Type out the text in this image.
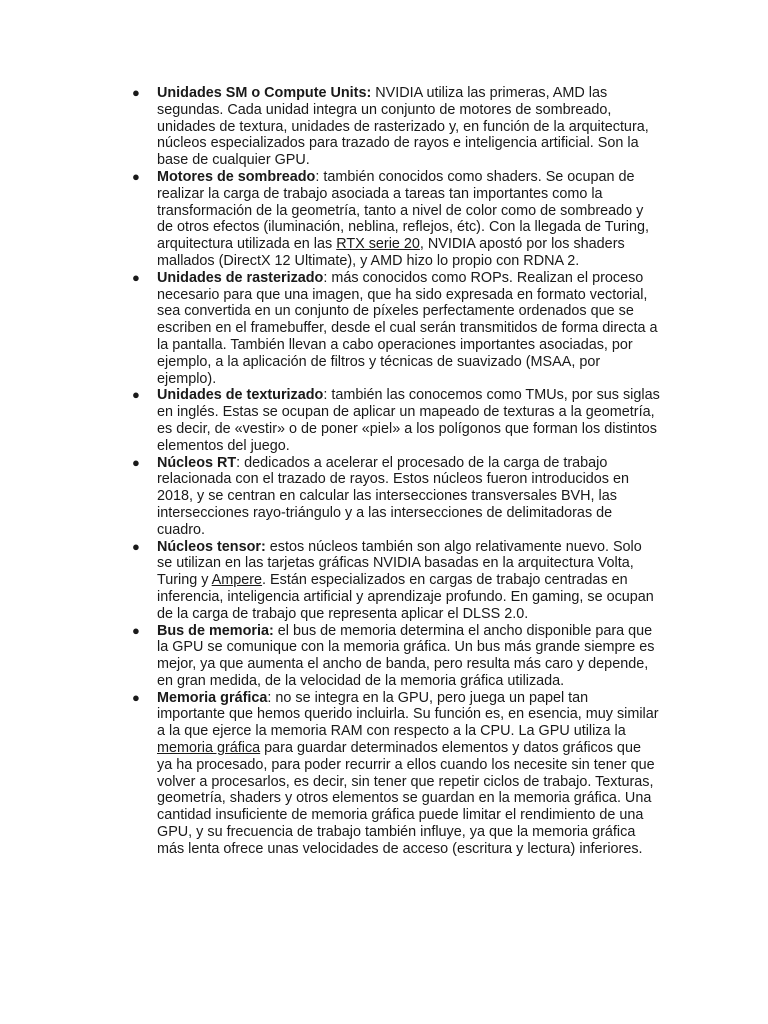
● Unidades SM o Compute Units: NVIDIA utiliza las primeras, AMD las segundas. Cada unidad integra un conjunto de motores de sombreado, unidades de textura, unidades de rasterizado y, en función de la arquitectura, núcleos especializados para trazado de rayos e inteligencia artificial. Son la base de cualquier GPU.
● Motores de sombreado: también conocidos como shaders. Se ocupan de realizar la carga de trabajo asociada a tareas tan importantes como la transformación de la geometría, tanto a nivel de color como de sombreado y de otros efectos (iluminación, neblina, reflejos, étc). Con la llegada de Turing, arquitectura utilizada en las RTX serie 20, NVIDIA apostó por los shaders mallados (DirectX 12 Ultimate), y AMD hizo lo propio con RDNA 2.
● Unidades de rasterizado: más conocidos como ROPs. Realizan el proceso necesario para que una imagen, que ha sido expresada en formato vectorial, sea convertida en un conjunto de píxeles perfectamente ordenados que se escriben en el framebuffer, desde el cual serán transmitidos de forma directa a la pantalla. También llevan a cabo operaciones importantes asociadas, por ejemplo, a la aplicación de filtros y técnicas de suavizado (MSAA, por ejemplo).
● Unidades de texturizado: también las conocemos como TMUs, por sus siglas en inglés. Estas se ocupan de aplicar un mapeado de texturas a la geometría, es decir, de «vestir» o de poner «piel» a los polígonos que forman los distintos elementos del juego.
● Núcleos RT: dedicados a acelerar el procesado de la carga de trabajo relacionada con el trazado de rayos. Estos núcleos fueron introducidos en 2018, y se centran en calcular las intersecciones transversales BVH, las intersecciones rayo-triángulo y a las intersecciones de delimitadoras de cuadro.
● Núcleos tensor: estos núcleos también son algo relativamente nuevo. Solo se utilizan en las tarjetas gráficas NVIDIA basadas en la arquitectura Volta, Turing y Ampere. Están especializados en cargas de trabajo centradas en inferencia, inteligencia artificial y aprendizaje profundo. En gaming, se ocupan de la carga de trabajo que representa aplicar el DLSS 2.0.
● Bus de memoria: el bus de memoria determina el ancho disponible para que la GPU se comunique con la memoria gráfica. Un bus más grande siempre es mejor, ya que aumenta el ancho de banda, pero resulta más caro y depende, en gran medida, de la velocidad de la memoria gráfica utilizada.
● Memoria gráfica: no se integra en la GPU, pero juega un papel tan importante que hemos querido incluirla. Su función es, en esencia, muy similar a la que ejerce la memoria RAM con respecto a la CPU. La GPU utiliza la memoria gráfica para guardar determinados elementos y datos gráficos que ya ha procesado, para poder recurrir a ellos cuando los necesite sin tener que volver a procesarlos, es decir, sin tener que repetir ciclos de trabajo. Texturas, geometría, shaders y otros elementos se guardan en la memoria gráfica. Una cantidad insuficiente de memoria gráfica puede limitar el rendimiento de una GPU, y su frecuencia de trabajo también influye, ya que la memoria gráfica más lenta ofrece unas velocidades de acceso (escritura y lectura) inferiores.
